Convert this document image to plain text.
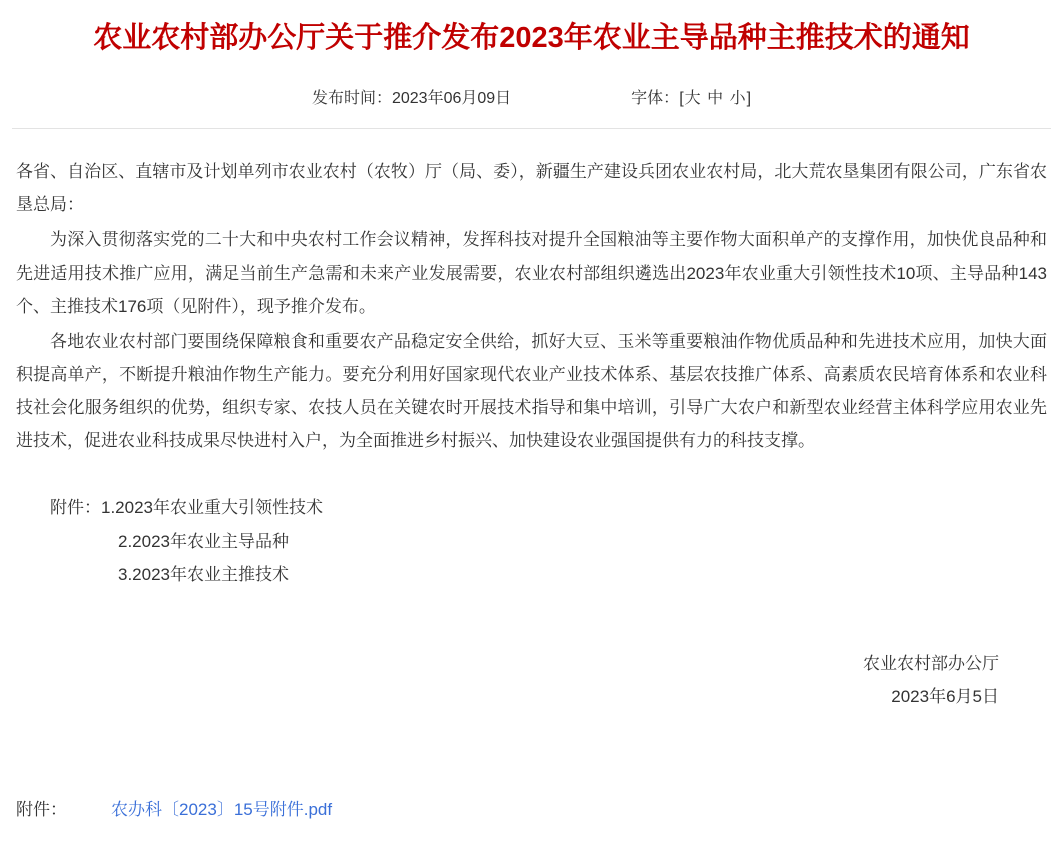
农业农村部办公厅关于推介发布2023年农业主导品种主推技术的通知
发布时间：2023年06月09日	字体：[大 中 小]

各省、自治区、直辖市及计划单列市农业农村（农牧）厅（局、委），新疆生产建设兵团农业农村局，北大荒农垦集团有限公司，广东省农垦总局：

为深入贯彻落实党的二十大和中央农村工作会议精神，发挥科技对提升全国粮油等主要作物大面积单产的支撑作用，加快优良品种和先进适用技术推广应用，满足当前生产急需和未来产业发展需要，农业农村部组织遴选出2023年农业重大引领性技术10项、主导品种143个、主推技术176项（见附件），现予推介发布。

各地农业农村部门要围绕保障粮食和重要农产品稳定安全供给，抓好大豆、玉米等重要粮油作物优质品种和先进技术应用，加快大面积提高单产，不断提升粮油作物生产能力。要充分利用好国家现代农业产业技术体系、基层农技推广体系、高素质农民培育体系和农业科技社会化服务组织的优势，组织专家、农技人员在关键农时开展技术指导和集中培训，引导广大农户和新型农业经营主体科学应用农业先进技术，促进农业科技成果尽快进村入户，为全面推进乡村振兴、加快建设农业强国提供有力的科技支撑。

附件：1.2023年农业重大引领性技术
2.2023年农业主导品种
3.2023年农业主推技术
农业农村部办公厅
2023年6月5日
附件：	农办科〔2023〕15号附件.pdf
